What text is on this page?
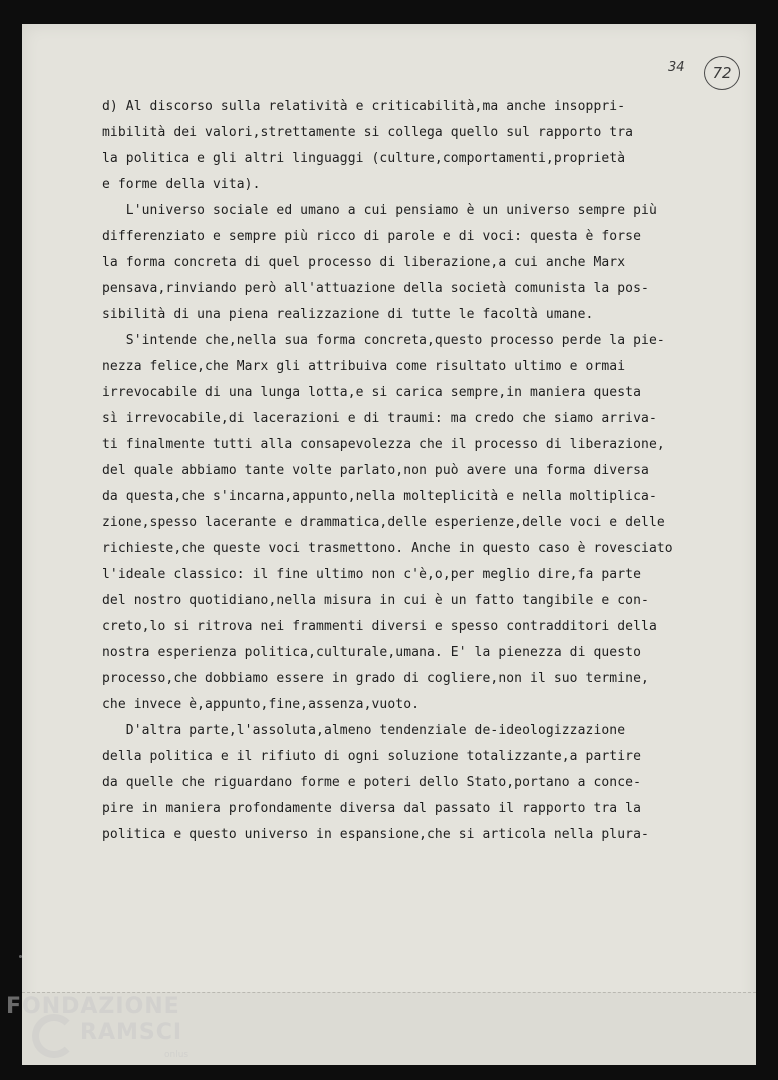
34	72
d) Al discorso sulla relatività e criticabilità,ma anche insoppri-
mibilità dei valori,strettamente si collega quello sul rapporto tra
la politica e gli altri linguaggi (culture,comportamenti,proprietà
e forme della vita).
L'universo sociale ed umano a cui pensiamo è un universo sempre più
differenziato e sempre più ricco di parole e di voci: questa è forse
la forma concreta di quel processo di liberazione,a cui anche Marx
pensava,rinviando però all'attuazione della società comunista la pos-
sibilità di una piena realizzazione di tutte le facoltà umane.
S'intende che,nella sua forma concreta,questo processo perde la pie-
nezza felice,che Marx gli attribuiva come risultato ultimo e ormai
irrevocabile di una lunga lotta,e si carica sempre,in maniera questa
sì irrevocabile,di lacerazioni e di traumi: ma credo che siamo arriva-
ti finalmente tutti alla consapevolezza che il processo di liberazione,
del quale abbiamo tante volte parlato,non può avere una forma diversa
da questa,che s'incarna,appunto,nella molteplicità e nella moltiplica-
zione,spesso lacerante e drammatica,delle esperienze,delle voci e delle
richieste,che queste voci trasmettono. Anche in questo caso è rovesciato
l'ideale classico: il fine ultimo non c'è,o,per meglio dire,fa parte
del nostro quotidiano,nella misura in cui è un fatto tangibile e con-
creto,lo si ritrova nei frammenti diversi e spesso contradditori della
nostra esperienza politica,culturale,umana. E' la pienezza di questo
processo,che dobbiamo essere in grado di cogliere,non il suo termine,
che invece è,appunto,fine,assenza,vuoto.
D'altra parte,l'assoluta,almeno tendenziale de-ideologizzazione
della politica e il rifiuto di ogni soluzione totalizzante,a partire
da quelle che riguardano forme e poteri dello Stato,portano a conce-
pire in maniera profondamente diversa dal passato il rapporto tra la
politica e questo universo in espansione,che si articola nella plura-
FONDAZIONE
RAMSCI
onlus
